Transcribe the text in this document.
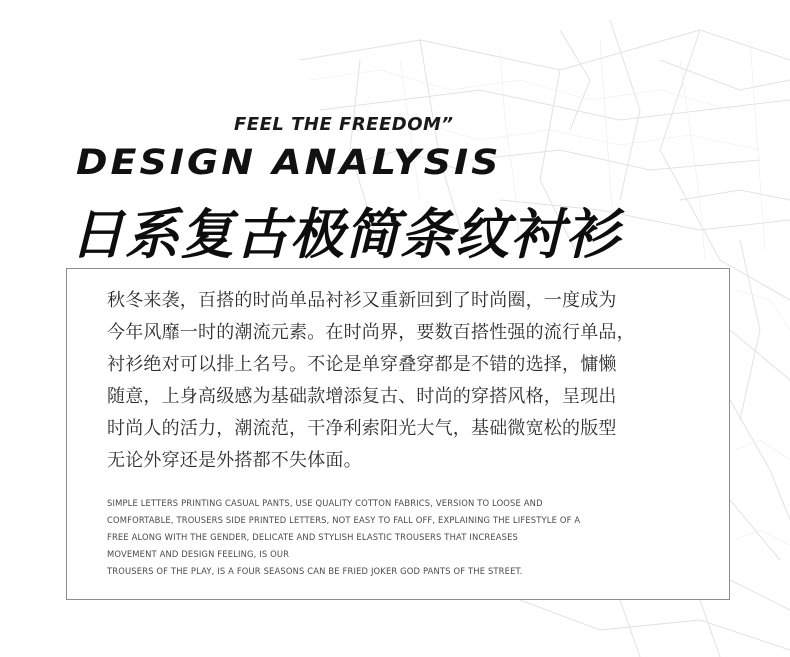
FEEL THE FREEDOM”
DESIGN ANALYSIS
日系复古极简条纹衬衫
秋冬来袭，百搭的时尚单品衬衫又重新回到了时尚圈，一度成为
今年风靡一时的潮流元素。在时尚界，要数百搭性强的流行单品，
衬衫绝对可以排上名号。不论是单穿叠穿都是不错的选择，慵懒
随意，上身高级感为基础款增添复古、时尚的穿搭风格，呈现出
时尚人的活力，潮流范，干净利索阳光大气，基础微宽松的版型
无论外穿还是外搭都不失体面。
SIMPLE LETTERS PRINTING CASUAL PANTS, USE QUALITY COTTON FABRICS, VERSION TO LOOSE AND
COMFORTABLE, TROUSERS SIDE PRINTED LETTERS, NOT EASY TO FALL OFF, EXPLAINING THE LIFESTYLE OF A
FREE ALONG WITH THE GENDER, DELICATE AND STYLISH ELASTIC TROUSERS THAT INCREASES
MOVEMENT AND DESIGN FEELING, IS OUR
TROUSERS OF THE PLAY, IS A FOUR SEASONS CAN BE FRIED JOKER GOD PANTS OF THE STREET.
